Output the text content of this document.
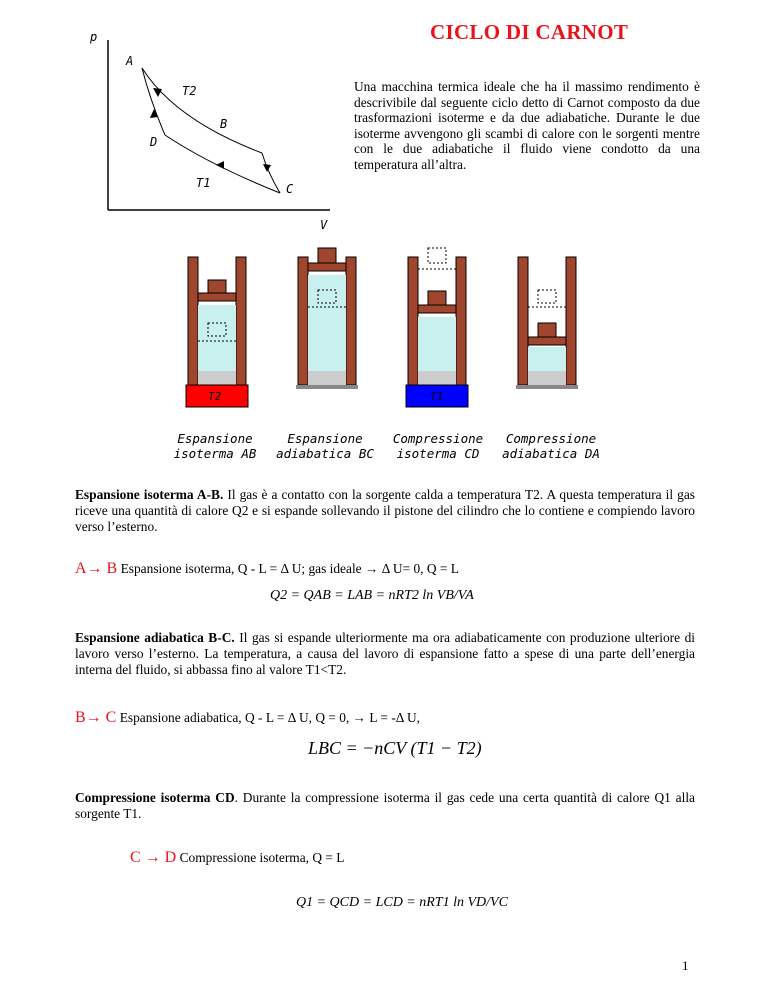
CICLO DI CARNOT
p
V
A
T2
B
D
T1	C
Una macchina termica ideale che ha il massimo rendimento è descrivibile dal seguente ciclo detto di Carnot composto da due trasformazioni isoterme e da due adiabatiche. Durante le due isoterme avvengono gli scambi di calore con le sorgenti mentre con le due adiabatiche il fluido viene condotto da una temperatura all’altra.
T2	T1
Espansione
isoterma AB
Espansione
adiabatica BC
Compressione
isoterma CD
Compressione
adiabatica DA
Espansione isoterma A-B. Il gas è a contatto con la sorgente calda a temperatura T2. A questa temperatura il gas riceve una quantità di calore Q2 e si espande sollevando il pistone del cilindro che lo contiene e compiendo lavoro verso l’esterno.
A→ B Espansione isoterma, Q - L = Δ U; gas ideale → Δ U= 0, Q = L
Q2 = QAB = LAB = nRT2 ln VB/VA
Espansione adiabatica B-C. Il gas si espande ulteriormente ma ora adiabaticamente con produzione ulteriore di lavoro verso l’esterno. La temperatura, a causa del lavoro di espansione fatto a spese di una parte dell’energia interna del fluido, si abbassa fino al valore T1<T2.
B→ C Espansione adiabatica, Q - L = Δ U, Q = 0, → L = -Δ U,
LBC = −nCV (T1 − T2)
Compressione isoterma CD. Durante la compressione isoterma il gas cede una certa quantità di calore Q1 alla sorgente T1.
C → D Compressione isoterma, Q = L
Q1 = QCD = LCD = nRT1 ln VD/VC
1
